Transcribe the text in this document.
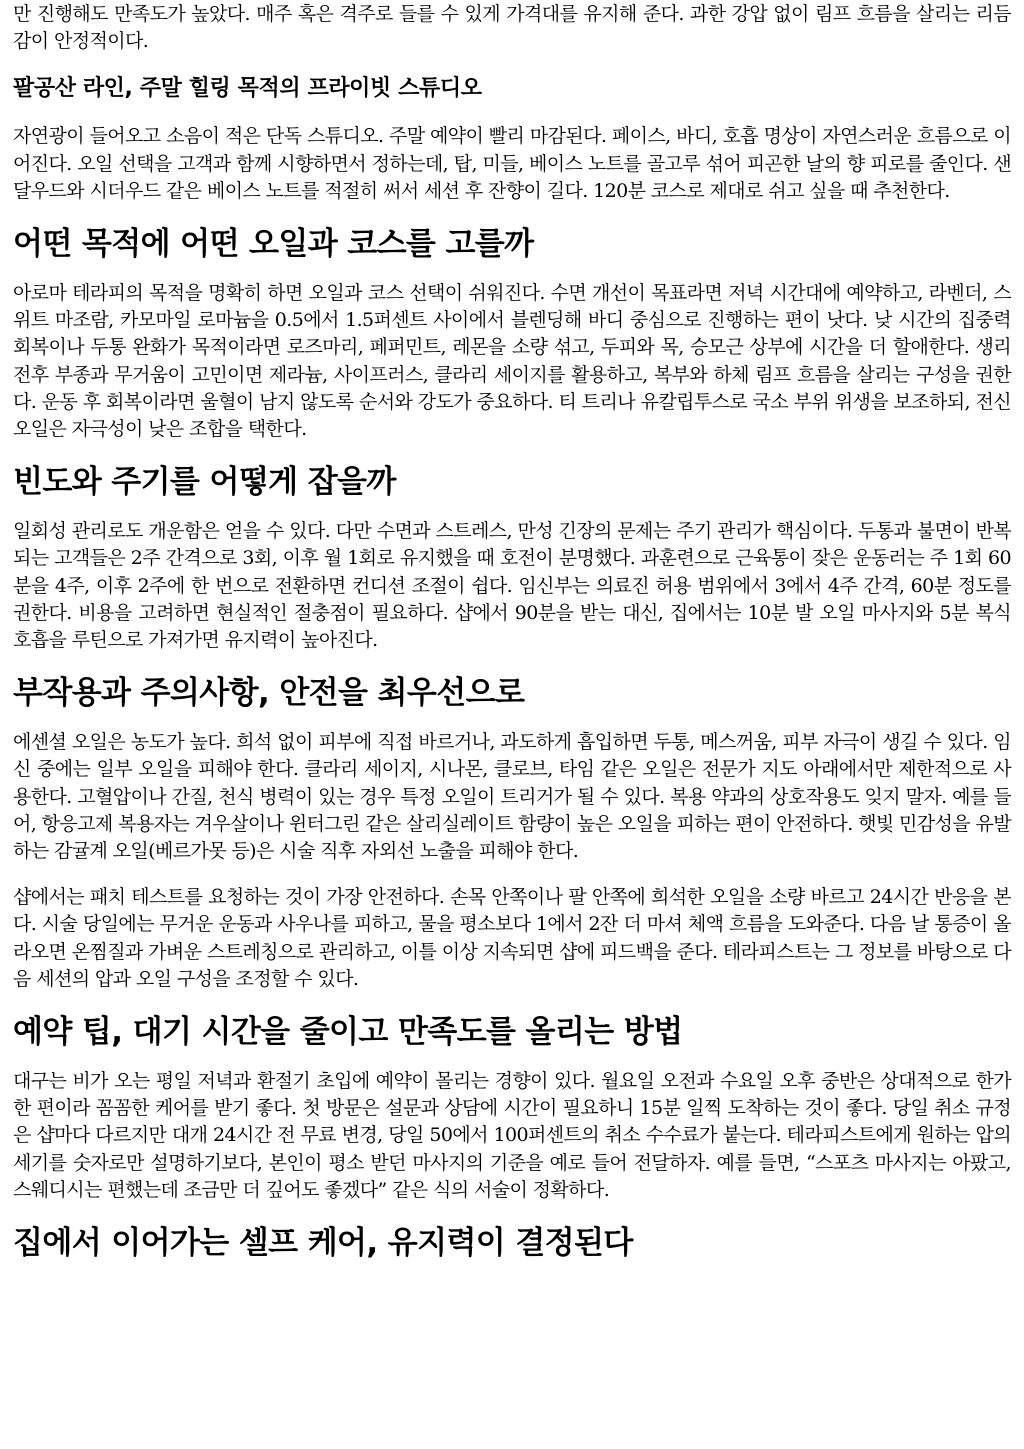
만 진행해도 만족도가 높았다. 매주 혹은 격주로 들를 수 있게 가격대를 유지해 준다. 과한 강압 없이 림프 흐름을 살리는 리듬감이 안정적이다.

팔공산 라인, 주말 힐링 목적의 프라이빗 스튜디오

자연광이 들어오고 소음이 적은 단독 스튜디오. 주말 예약이 빨리 마감된다. 페이스, 바디, 호흡 명상이 자연스러운 흐름으로 이어진다. 오일 선택을 고객과 함께 시향하면서 정하는데, 탑, 미들, 베이스 노트를 골고루 섞어 피곤한 날의 향 피로를 줄인다. 샌달우드와 시더우드 같은 베이스 노트를 적절히 써서 세션 후 잔향이 길다. 120분 코스로 제대로 쉬고 싶을 때 추천한다.

어떤 목적에 어떤 오일과 코스를 고를까

아로마 테라피의 목적을 명확히 하면 오일과 코스 선택이 쉬워진다. 수면 개선이 목표라면 저녁 시간대에 예약하고, 라벤더, 스위트 마조람, 카모마일 로마늄을 0.5에서 1.5퍼센트 사이에서 블렌딩해 바디 중심으로 진행하는 편이 낫다. 낮 시간의 집중력 회복이나 두통 완화가 목적이라면 로즈마리, 페퍼민트, 레몬을 소량 섞고, 두피와 목, 승모근 상부에 시간을 더 할애한다. 생리 전후 부종과 무거움이 고민이면 제라늄, 사이프러스, 클라리 세이지를 활용하고, 복부와 하체 림프 흐름을 살리는 구성을 권한다. 운동 후 회복이라면 울혈이 남지 않도록 순서와 강도가 중요하다. 티 트리나 유칼립투스로 국소 부위 위생을 보조하되, 전신 오일은 자극성이 낮은 조합을 택한다.

빈도와 주기를 어떻게 잡을까

일회성 관리로도 개운함은 얻을 수 있다. 다만 수면과 스트레스, 만성 긴장의 문제는 주기 관리가 핵심이다. 두통과 불면이 반복되는 고객들은 2주 간격으로 3회, 이후 월 1회로 유지했을 때 호전이 분명했다. 과훈련으로 근육통이 잦은 운동러는 주 1회 60분을 4주, 이후 2주에 한 번으로 전환하면 컨디션 조절이 쉽다. 임신부는 의료진 허용 범위에서 3에서 4주 간격, 60분 정도를 권한다. 비용을 고려하면 현실적인 절충점이 필요하다. 샵에서 90분을 받는 대신, 집에서는 10분 발 오일 마사지와 5분 복식 호흡을 루틴으로 가져가면 유지력이 높아진다.

부작용과 주의사항, 안전을 최우선으로

에센셜 오일은 농도가 높다. 희석 없이 피부에 직접 바르거나, 과도하게 흡입하면 두통, 메스꺼움, 피부 자극이 생길 수 있다. 임신 중에는 일부 오일을 피해야 한다. 클라리 세이지, 시나몬, 클로브, 타임 같은 오일은 전문가 지도 아래에서만 제한적으로 사용한다. 고혈압이나 간질, 천식 병력이 있는 경우 특정 오일이 트리거가 될 수 있다. 복용 약과의 상호작용도 잊지 말자. 예를 들어, 항응고제 복용자는 겨우살이나 윈터그린 같은 살리실레이트 함량이 높은 오일을 피하는 편이 안전하다. 햇빛 민감성을 유발하는 감귤계 오일(베르가못 등)은 시술 직후 자외선 노출을 피해야 한다.

샵에서는 패치 테스트를 요청하는 것이 가장 안전하다. 손목 안쪽이나 팔 안쪽에 희석한 오일을 소량 바르고 24시간 반응을 본다. 시술 당일에는 무거운 운동과 사우나를 피하고, 물을 평소보다 1에서 2잔 더 마셔 체액 흐름을 도와준다. 다음 날 통증이 올라오면 온찜질과 가벼운 스트레칭으로 관리하고, 이틀 이상 지속되면 샵에 피드백을 준다. 테라피스트는 그 정보를 바탕으로 다음 세션의 압과 오일 구성을 조정할 수 있다.

예약 팁, 대기 시간을 줄이고 만족도를 올리는 방법

대구는 비가 오는 평일 저녁과 환절기 초입에 예약이 몰리는 경향이 있다. 월요일 오전과 수요일 오후 중반은 상대적으로 한가한 편이라 꼼꼼한 케어를 받기 좋다. 첫 방문은 설문과 상담에 시간이 필요하니 15분 일찍 도착하는 것이 좋다. 당일 취소 규정은 샵마다 다르지만 대개 24시간 전 무료 변경, 당일 50에서 100퍼센트의 취소 수수료가 붙는다. 테라피스트에게 원하는 압의 세기를 숫자로만 설명하기보다, 본인이 평소 받던 마사지의 기준을 예로 들어 전달하자. 예를 들면, “스포츠 마사지는 아팠고, 스웨디시는 편했는데 조금만 더 깊어도 좋겠다” 같은 식의 서술이 정확하다.

집에서 이어가는 셀프 케어, 유지력이 결정된다
